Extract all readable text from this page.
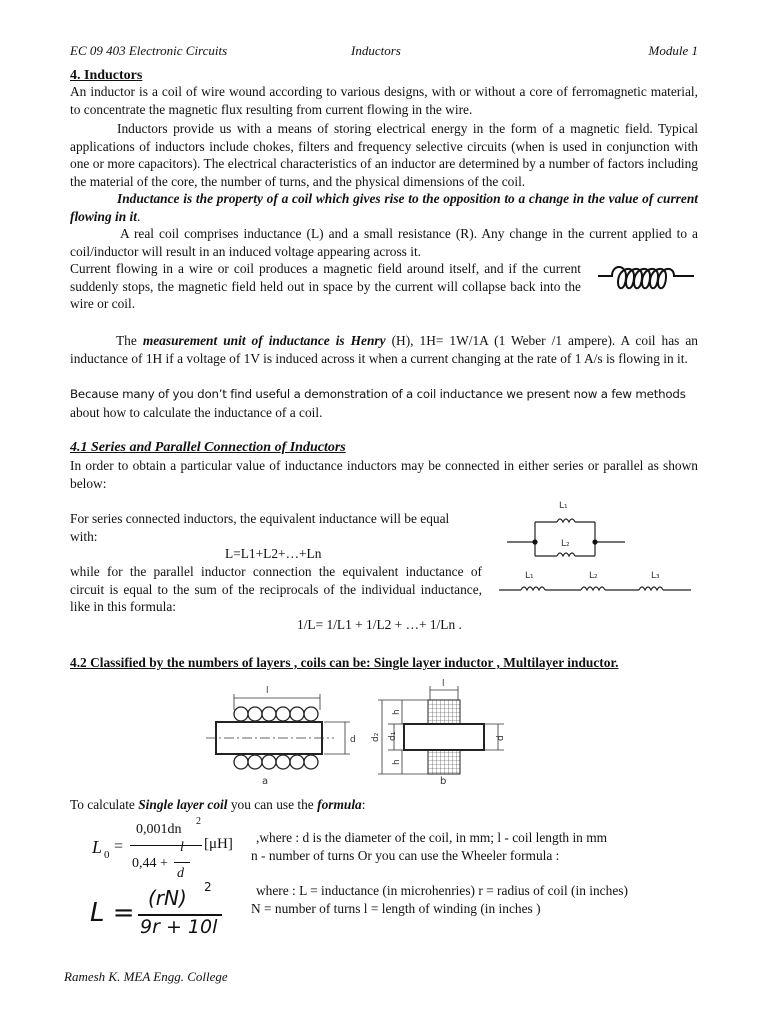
EC 09 403 Electronic Circuits	Inductors	Module 1
4. Inductors
An inductor is a coil of wire wound according to various designs, with or without a core of ferromagnetic material, to concentrate the magnetic flux resulting from current flowing in the wire.
Inductors provide us with a means of storing electrical energy in the form of a magnetic field. Typical applications of inductors include chokes, filters and frequency selective circuits (when is used in conjunction with one or more capacitors). The electrical characteristics of an inductor are determined by a number of factors including the material of the core, the number of turns, and the physical dimensions of the coil.
Inductance is the property of a coil which gives rise to the opposition to a change in the value of current flowing in it.
A real coil comprises inductance (L) and a small resistance (R). Any change in the current applied to a coil/inductor will result in an induced voltage appearing across it.
Current flowing in a wire or coil produces a magnetic field around itself, and if the current suddenly stops, the magnetic field held out in space by the current will collapse back into the wire or coil.
The measurement unit of inductance is Henry (H), 1H= 1W/1A (1 Weber /1 ampere). A coil has an inductance of 1H if a voltage of 1V is induced across it when a current changing at the rate of 1 A/s is flowing in it.
Because many of you don’t find useful a demonstration of a coil inductance we present now a few methods
about how to calculate the inductance of a coil.
4.1 Series and Parallel Connection of Inductors
In order to obtain a particular value of inductance inductors may be connected in either series or parallel as shown below:
For series connected inductors, the equivalent inductance will be equal with:
L=L1+L2+…+Ln
while for the parallel inductor connection the equivalent inductance of circuit is equal to the sum of the reciprocals of the individual inductance, like in this formula:
1/L= 1/L1 + 1/L2 + …+ 1/Ln .
L₁
L₂
L₁	L₂	L₃
4.2 Classified by the numbers of layers , coils can be: Single layer inductor , Multilayer inductor.
l
d
a
l
d₂ d₁
h
h
d
b
To calculate Single layer coil you can use the formula:
L 0 =
0,001dn
2
l
0,44 +
d
[μH] ,where : d is the diameter of the coil, in mm; l - coil length in mm
n - number of turns Or you can use the Wheeler formula :
L = (rN) 2
9r + 10l
where : L = inductance (in microhenries) r = radius of coil (in inches)
N = number of turns l = length of winding (in inches )
Ramesh K. MEA Engg. College
